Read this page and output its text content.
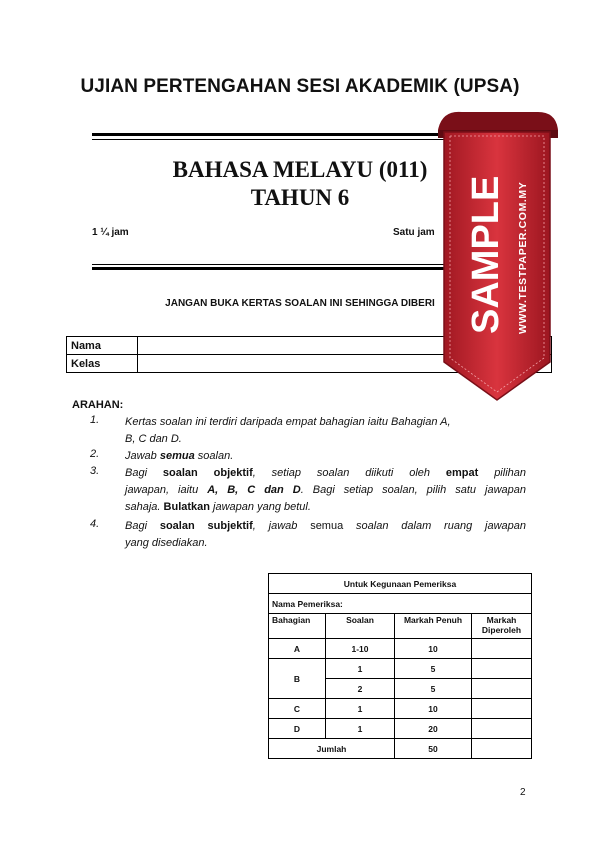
UJIAN PERTENGAHAN SESI AKADEMIK (UPSA)
BAHASA MELAYU (011)
TAHUN 6
1 ¼ jam	Satu jam
JANGAN BUKA KERTAS SOALAN INI SEHINGGA DIBERI
Nama	
Kelas	
ARAHAN:
1. Kertas soalan ini terdiri daripada empat bahagian iaitu Bahagian A,
B, C dan D.
2. Jawab semua soalan.
3. Bagi soalan objektif, setiap soalan diikuti oleh empat pilihan
jawapan, iaitu A, B, C dan D. Bagi setiap soalan, pilih satu jawapan
sahaja. Bulatkan jawapan yang betul.
4. Bagi soalan subjektif, jawab semua soalan dalam ruang jawapan
yang disediakan.
Untuk Kegunaan Pemeriksa			
Nama Pemeriksa:			
Bahagian	Soalan	Markah Penuh	Markah Diperoleh
A	1-10	10	
B	1	5	
	2	5	
C	1	10	
D	1	20	
Jumlah		50	
SAMPLE WWW.TESTPAPER.COM.MY
2
